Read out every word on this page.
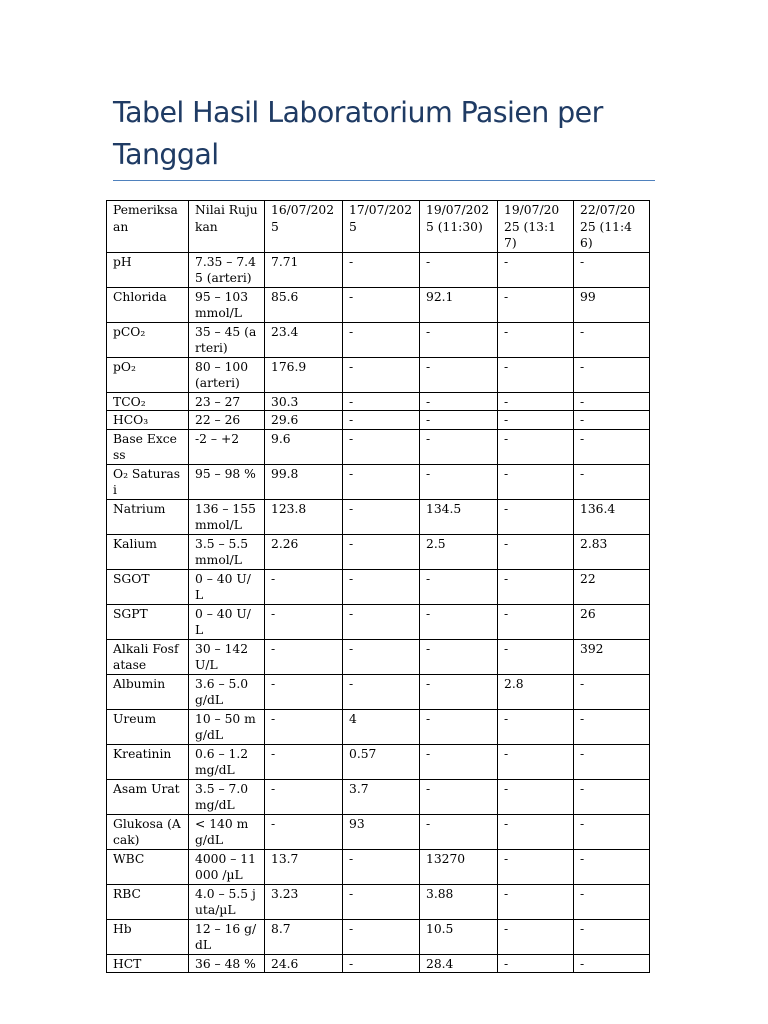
Tabel Hasil Laboratorium Pasien per Tanggal
Pemeriksaan	Nilai Rujukan	16/07/2025	17/07/2025	19/07/2025 (11:30)	19/07/2025 (13:17)	22/07/2025 (11:46)
pH	7.35 – 7.45 (arteri)	7.71	-	-	-	-
Chlorida	95 – 103 mmol/L	85.6	-	92.1	-	99
pCO₂	35 – 45 (arteri)	23.4	-	-	-	-
pO₂	80 – 100 (arteri)	176.9	-	-	-	-
TCO₂	23 – 27	30.3	-	-	-	-
HCO₃	22 – 26	29.6	-	-	-	-
Base Excess	-2 – +2	9.6	-	-	-	-
O₂ Saturasi	95 – 98 %	99.8	-	-	-	-
Natrium	136 – 155 mmol/L	123.8	-	134.5	-	136.4
Kalium	3.5 – 5.5 mmol/L	2.26	-	2.5	-	2.83
SGOT	0 – 40 U/L	-	-	-	-	22
SGPT	0 – 40 U/L	-	-	-	-	26
Alkali Fosfatase	30 – 142 U/L	-	-	-	-	392
Albumin	3.6 – 5.0 g/dL	-	-	-	2.8	-
Ureum	10 – 50 mg/dL	-	4	-	-	-
Kreatinin	0.6 – 1.2 mg/dL	-	0.57	-	-	-
Asam Urat	3.5 – 7.0 mg/dL	-	3.7	-	-	-
Glukosa (Acak)	< 140 mg/dL	-	93	-	-	-
WBC	4000 – 11000 /µL	13.7	-	13270	-	-
RBC	4.0 – 5.5 juta/µL	3.23	-	3.88	-	-
Hb	12 – 16 g/dL	8.7	-	10.5	-	-
HCT	36 – 48 %	24.6	-	28.4	-	-
